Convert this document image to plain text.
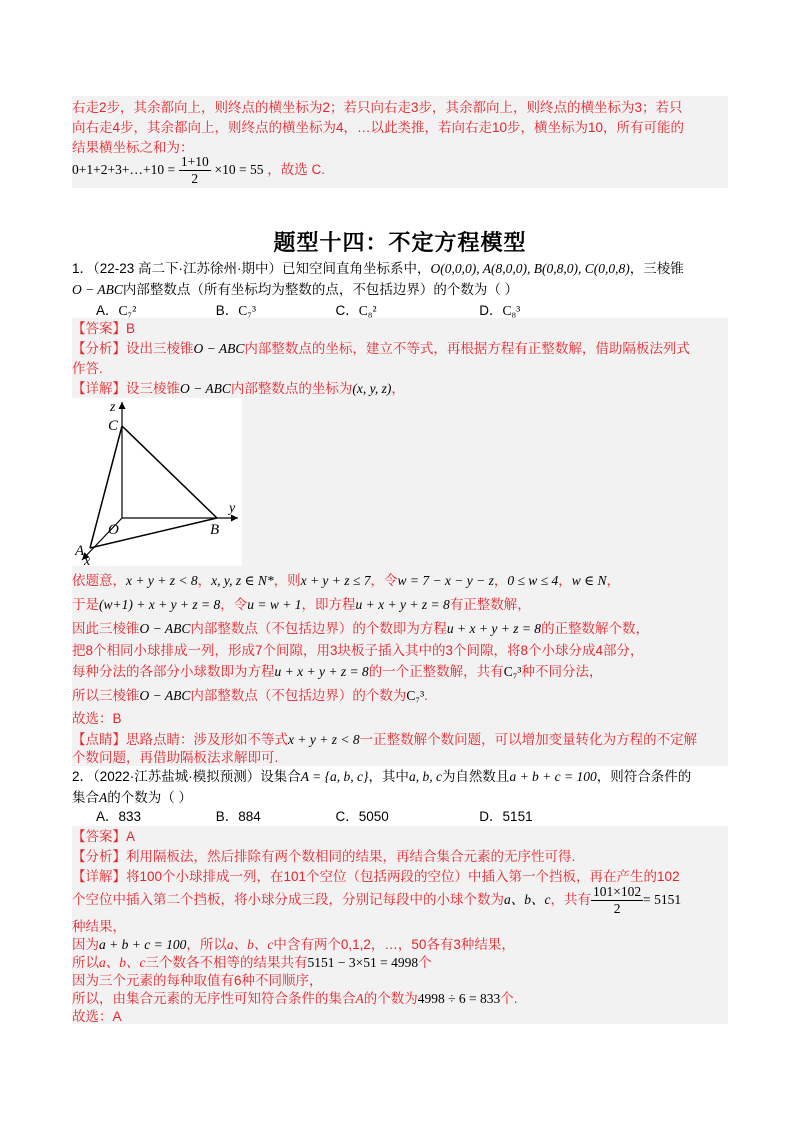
右走2步，其余都向上，则终点的横坐标为2；若只向右走3步，其余都向上，则终点的横坐标为3；若只
向右走4步，其余都向上，则终点的横坐标为4，…以此类推，若向右走10步，横坐标为10，所有可能的
结果横坐标之和为：
0+1+2+3+…+10 = $\frac{1+10}{2} \times 10 = 55$ ，故选 C.
题型十四：不定方程模型
1．（22-23 高二下·江苏徐州·期中）已知空间直角坐标系中，O(0,0,0), A(8,0,0), B(0,8,0), C(0,0,8)，三棱锥
O − ABC内部整数点（所有坐标均为整数的点，不包括边界）的个数为（ ）
A．C₇²	B．C₇³	C．C₈²	D．C₈³
【答案】B
【分析】设出三棱锥O − ABC内部整数点的坐标，建立不等式，再根据方程有正整数解，借助隔板法列式
作答.
【详解】设三棱锥O − ABC内部整数点的坐标为(x, y, z)，
z
C
O
y
B
A
x
依题意，x + y + z < 8，x, y, z ∈ N*，则x + y + z ≤ 7，令w = 7 − x − y − z，0 ≤ w ≤ 4，w ∈ N，
于是(w+1) + x + y + z = 8，令u = w + 1，即方程u + x + y + z = 8有正整数解，
因此三棱锥O − ABC内部整数点（不包括边界）的个数即为方程u + x + y + z = 8的正整数解个数，
把8个相同小球排成一列，形成7个间隙，用3块板子插入其中的3个间隙，将8个小球分成4部分，
每种分法的各部分小球数即为方程u + x + y + z = 8的一个正整数解，共有C₇³种不同分法，
所以三棱锥O − ABC内部整数点（不包括边界）的个数为C₇³.
故选：B
【点睛】思路点睛：涉及形如不等式x + y + z < 8一正整数解个数问题，可以增加变量转化为方程的不定解
个数问题，再借助隔板法求解即可.
2．（2022·江苏盐城·模拟预测）设集合A = {a, b, c}，其中a, b, c为自然数且a + b + c = 100，则符合条件的
集合A的个数为（ ）
A．833	B．884	C．5050	D．5151
【答案】A
【分析】利用隔板法，然后排除有两个数相同的结果，再结合集合元素的无序性可得.
【详解】将100个小球排成一列，在101个空位（包括两段的空位）中插入第一个挡板，再在产生的102
个空位中插入第二个挡板，将小球分成三段，分别记每段中的小球个数为a、b、c，共有 $\frac{101\times 102}{2} = 5151$
种结果，
因为a + b + c = 100，所以a、b、c中含有两个0,1,2，…，50各有3种结果，
所以a、b、c三个数各不相等的结果共有5151 − 3×51 = 4998个
因为三个元素的每种取值有6种不同顺序，
所以，由集合元素的无序性可知符合条件的集合A的个数为4998 ÷ 6 = 833个.
故选：A
